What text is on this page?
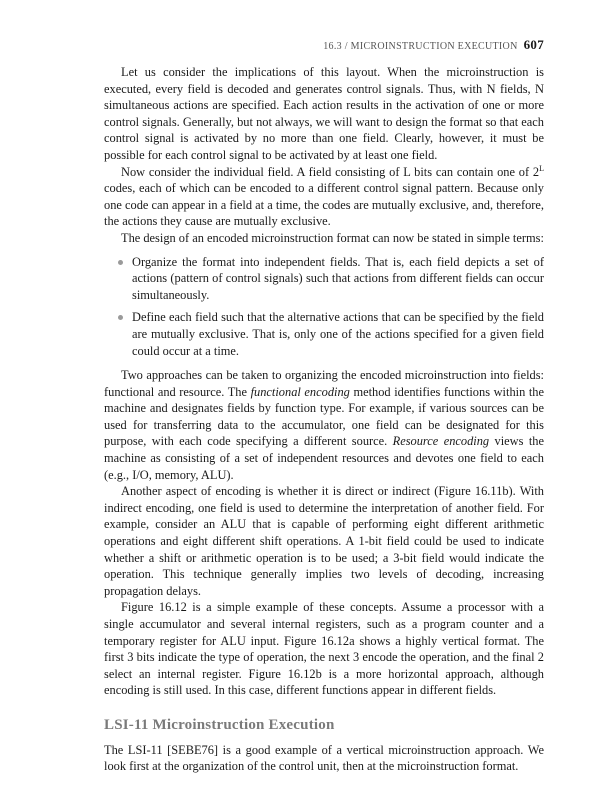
16.3 / MICROINSTRUCTION EXECUTION 607

Let us consider the implications of this layout. When the microinstruction is executed, every field is decoded and generates control signals. Thus, with N fields, N simultaneous actions are specified. Each action results in the activation of one or more control signals. Generally, but not always, we will want to design the format so that each control signal is activated by no more than one field. Clearly, however, it must be possible for each control signal to be activated by at least one field.

Now consider the individual field. A field consisting of L bits can contain one of $2^L$ codes, each of which can be encoded to a different control signal pattern. Because only one code can appear in a field at a time, the codes are mutually exclusive, and, therefore, the actions they cause are mutually exclusive.

The design of an encoded microinstruction format can now be stated in simple terms:

Organize the format into independent fields. That is, each field depicts a set of actions (pattern of control signals) such that actions from different fields can occur simultaneously.
Define each field such that the alternative actions that can be specified by the field are mutually exclusive. That is, only one of the actions specified for a given field could occur at a time.

Two approaches can be taken to organizing the encoded microinstruction into fields: functional and resource. The functional encoding method identifies functions within the machine and designates fields by function type. For example, if various sources can be used for transferring data to the accumulator, one field can be designated for this purpose, with each code specifying a different source. Resource encoding views the machine as consisting of a set of independent resources and devotes one field to each (e.g., I/O, memory, ALU).

Another aspect of encoding is whether it is direct or indirect (Figure 16.11b). With indirect encoding, one field is used to determine the interpretation of another field. For example, consider an ALU that is capable of performing eight different arithmetic operations and eight different shift operations. A 1-bit field could be used to indicate whether a shift or arithmetic operation is to be used; a 3-bit field would indicate the operation. This technique generally implies two levels of decoding, increasing propagation delays.

Figure 16.12 is a simple example of these concepts. Assume a processor with a single accumulator and several internal registers, such as a program counter and a temporary register for ALU input. Figure 16.12a shows a highly vertical format. The first 3 bits indicate the type of operation, the next 3 encode the operation, and the final 2 select an internal register. Figure 16.12b is a more horizontal approach, although encoding is still used. In this case, different functions appear in different fields.

LSI-11 Microinstruction Execution

The LSI-11 [SEBE76] is a good example of a vertical microinstruction approach. We look first at the organization of the control unit, then at the microinstruction format.
